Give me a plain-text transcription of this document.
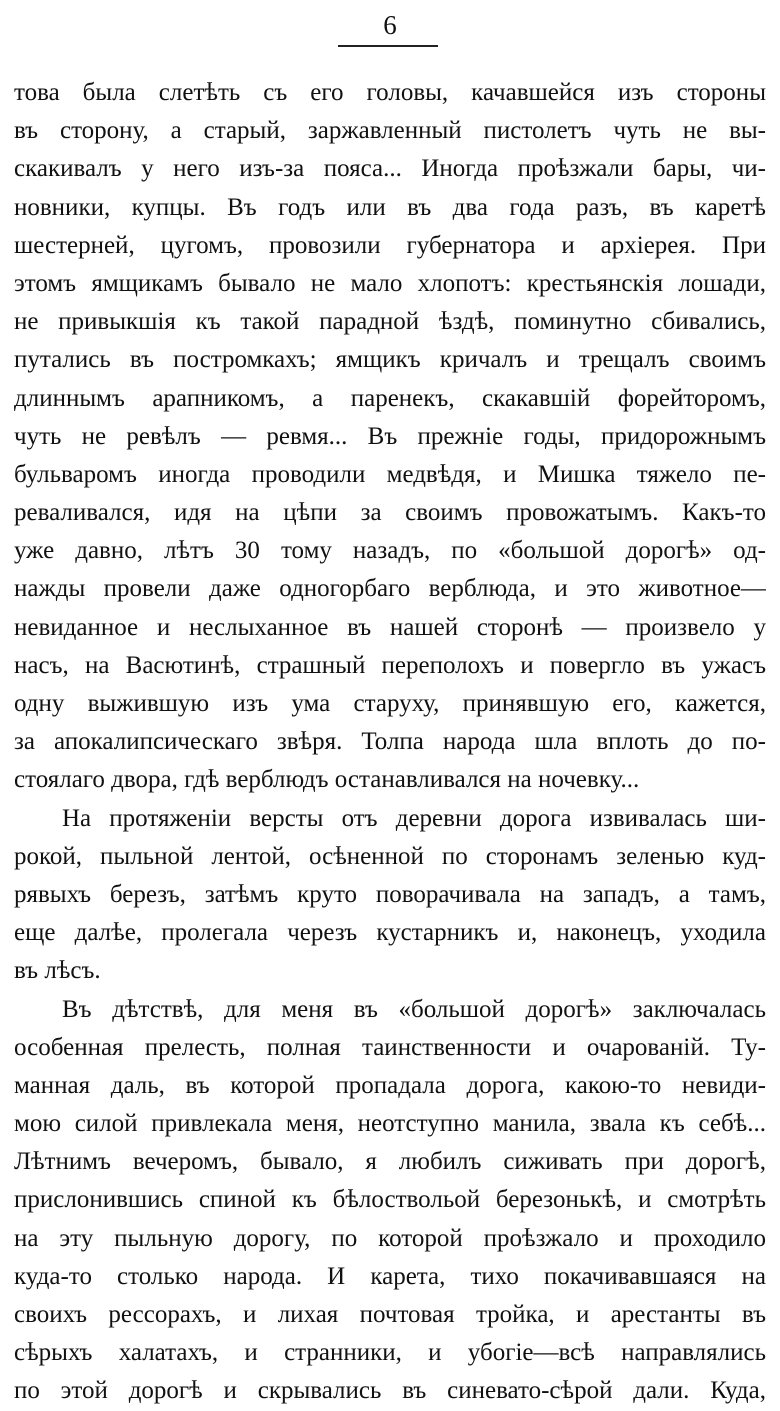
6
това была слетѣть съ его головы, качавшейся изъ стороны
въ сторону, а старый, заржавленный пистолетъ чуть не вы-
скакивалъ у него изъ-за пояса... Иногда проѣзжали бары, чи-
новники, купцы. Въ годъ или въ два года разъ, въ каретѣ
шестерней, цугомъ, провозили губернатора и архіерея. При
этомъ ямщикамъ бывало не мало хлопотъ: крестьянскія лошади,
не привыкшія къ такой парадной ѣздѣ, поминутно сбивались,
путались въ постромкахъ; ямщикъ кричалъ и трещалъ своимъ
длиннымъ арапникомъ, а паренекъ, скакавшій форейторомъ,
чуть не ревѣлъ — ревмя... Въ прежніе годы, придорожнымъ
бульваромъ иногда проводили медвѣдя, и Мишка тяжело пе-
реваливался, идя на цѣпи за своимъ провожатымъ. Какъ-то
уже давно, лѣтъ 30 тому назадъ, по «большой дорогѣ» од-
нажды провели даже одногорбаго верблюда, и это животное—
невиданное и неслыханное въ нашей сторонѣ — произвело у
насъ, на Васютинѣ, страшный переполохъ и повергло въ ужасъ
одну выжившую изъ ума старуху, принявшую его, кажется,
за апокалипсическаго звѣря. Толпа народа шла вплоть до по-
стоялаго двора, гдѣ верблюдъ останавливался на ночевку...
На протяженіи версты отъ деревни дорога извивалась ши-
рокой, пыльной лентой, осѣненной по сторонамъ зеленью куд-
рявыхъ березъ, затѣмъ круто поворачивала на западъ, а тамъ,
еще далѣе, пролегала черезъ кустарникъ и, наконецъ, уходила
въ лѣсъ.
Въ дѣтствѣ, для меня въ «большой дорогѣ» заключалась
особенная прелесть, полная таинственности и очарованій. Ту-
манная даль, въ которой пропадала дорога, какою-то невиди-
мою силой привлекала меня, неотступно манила, звала къ себѣ...
Лѣтнимъ вечеромъ, бывало, я любилъ сиживать при дорогѣ,
прислонившись спиной къ бѣлоствольой березонькѣ, и смотрѣть
на эту пыльную дорогу, по которой проѣзжало и проходило
куда-то столько народа. И карета, тихо покачивавшаяся на
своихъ рессорахъ, и лихая почтовая тройка, и арестанты въ
сѣрыхъ халатахъ, и странники, и убогіе—всѣ направлялись
по этой дорогѣ и скрывались въ синевато-сѣрой дали. Куда,
